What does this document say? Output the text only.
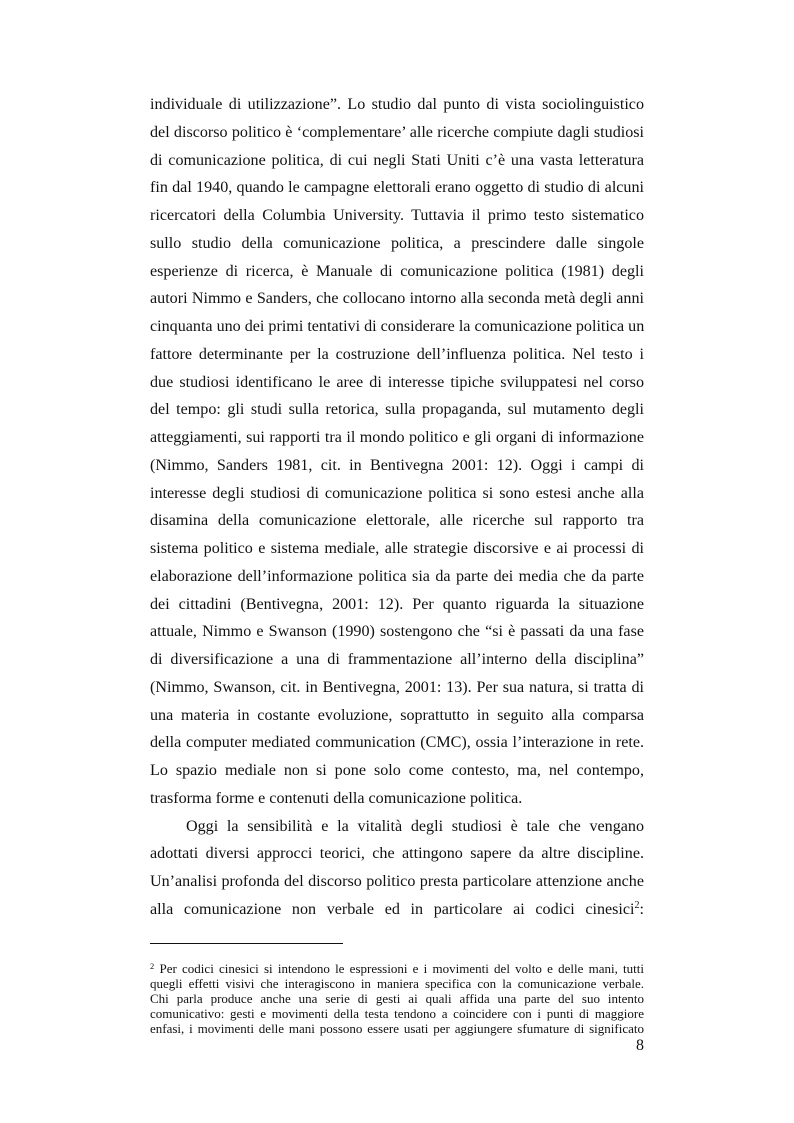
individuale di utilizzazione”. Lo studio dal punto di vista sociolinguistico
del discorso politico è ‘complementare’ alle ricerche compiute dagli studiosi
di comunicazione politica, di cui negli Stati Uniti c’è una vasta letteratura
fin dal 1940, quando le campagne elettorali erano oggetto di studio di alcuni
ricercatori della Columbia University. Tuttavia il primo testo sistematico
sullo studio della comunicazione politica, a prescindere dalle singole
esperienze di ricerca, è Manuale di comunicazione politica (1981) degli
autori Nimmo e Sanders, che collocano intorno alla seconda metà degli anni
cinquanta uno dei primi tentativi di considerare la comunicazione politica un
fattore determinante per la costruzione dell’influenza politica. Nel testo i
due studiosi identificano le aree di interesse tipiche sviluppatesi nel corso
del tempo: gli studi sulla retorica, sulla propaganda, sul mutamento degli
atteggiamenti, sui rapporti tra il mondo politico e gli organi di informazione
(Nimmo, Sanders 1981, cit. in Bentivegna 2001: 12). Oggi i campi di
interesse degli studiosi di comunicazione politica si sono estesi anche alla
disamina della comunicazione elettorale, alle ricerche sul rapporto tra
sistema politico e sistema mediale, alle strategie discorsive e ai processi di
elaborazione dell’informazione politica sia da parte dei media che da parte
dei cittadini (Bentivegna, 2001: 12). Per quanto riguarda la situazione
attuale, Nimmo e Swanson (1990) sostengono che “si è passati da una fase
di diversificazione a una di frammentazione all’interno della disciplina”
(Nimmo, Swanson, cit. in Bentivegna, 2001: 13). Per sua natura, si tratta di
una materia in costante evoluzione, soprattutto in seguito alla comparsa
della computer mediated communication (CMC), ossia l’interazione in rete.
Lo spazio mediale non si pone solo come contesto, ma, nel contempo,
trasforma forme e contenuti della comunicazione politica.
Oggi la sensibilità e la vitalità degli studiosi è tale che vengano
adottati diversi approcci teorici, che attingono sapere da altre discipline.
Un’analisi profonda del discorso politico presta particolare attenzione anche
alla comunicazione non verbale ed in particolare ai codici cinesici$^2$:
$^2$ Per codici cinesici si intendono le espressioni e i movimenti del volto e delle mani, tutti
quegli effetti visivi che interagiscono in maniera specifica con la comunicazione verbale.
Chi parla produce anche una serie di gesti ai quali affida una parte del suo intento
comunicativo: gesti e movimenti della testa tendono a coincidere con i punti di maggiore
enfasi, i movimenti delle mani possono essere usati per aggiungere sfumature di significato
8
